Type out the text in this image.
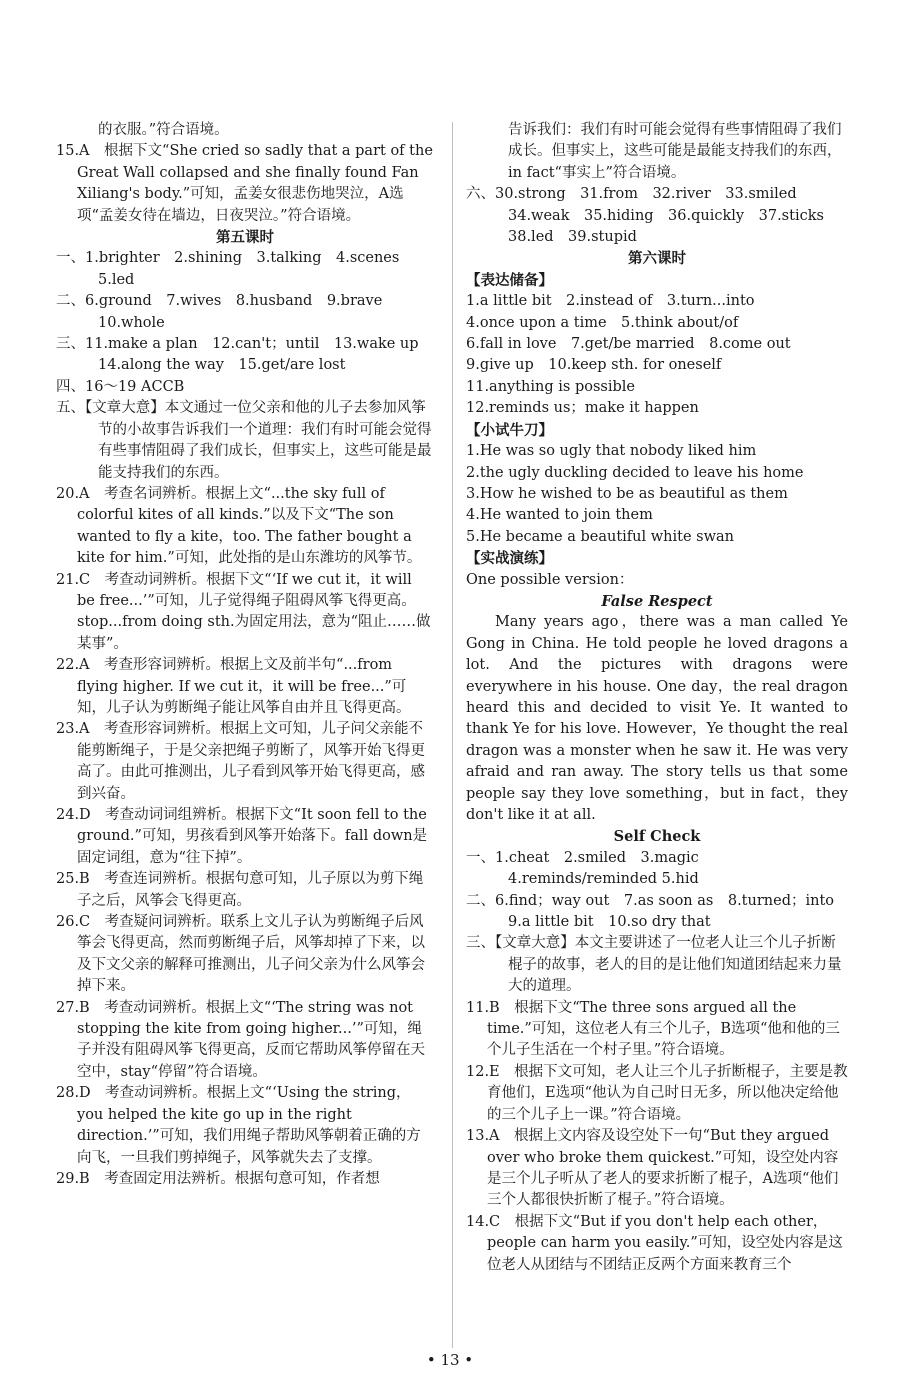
的衣服。”符合语境。
15.A　根据下文“She cried so sadly that a part of the Great Wall collapsed and she finally found Fan Xiliang's body.”可知，孟姜女很悲伤地哭泣，A选项“孟姜女待在墙边，日夜哭泣。”符合语境。
第五课时
一、1.brighter　2.shining　3.talking　4.scenes 5.led
二、6.ground　7.wives　8.husband　9.brave 10.whole
三、11.make a plan　12.can't；until　13.wake up 14.along the way　15.get/are lost
四、16～19 ACCB
五、【文章大意】本文通过一位父亲和他的儿子去参加风筝节的小故事告诉我们一个道理：我们有时可能会觉得有些事情阻碍了我们成长，但事实上，这些可能是最能支持我们的东西。
20.A　考查名词辨析。根据上文“...the sky full of colorful kites of all kinds.”以及下文“The son wanted to fly a kite，too. The father bought a kite for him.”可知，此处指的是山东潍坊的风筝节。
21.C　考查动词辨析。根据下文“‘If we cut it，it will be free...’”可知，儿子觉得绳子阻碍风筝飞得更高。stop...from doing sth.为固定用法，意为“阻止……做某事”。
22.A　考查形容词辨析。根据上文及前半句“...from flying higher. If we cut it，it will be free...”可知，儿子认为剪断绳子能让风筝自由并且飞得更高。
23.A　考查形容词辨析。根据上文可知，儿子问父亲能不能剪断绳子，于是父亲把绳子剪断了，风筝开始飞得更高了。由此可推测出，儿子看到风筝开始飞得更高，感到兴奋。
24.D　考查动词词组辨析。根据下文“It soon fell to the ground.”可知，男孩看到风筝开始落下。fall down是固定词组，意为“往下掉”。
25.B　考查连词辨析。根据句意可知，儿子原以为剪下绳子之后，风筝会飞得更高。
26.C　考查疑问词辨析。联系上文儿子认为剪断绳子后风筝会飞得更高，然而剪断绳子后，风筝却掉了下来，以及下文父亲的解释可推测出，儿子问父亲为什么风筝会掉下来。
27.B　考查动词辨析。根据上文“‘The string was not stopping the kite from going higher...’”可知，绳子并没有阻碍风筝飞得更高，反而它帮助风筝停留在天空中，stay“停留”符合语境。
28.D　考查动词辨析。根据上文“‘Using the string，you helped the kite go up in the right direction.’”可知，我们用绳子帮助风筝朝着正确的方向飞，一旦我们剪掉绳子，风筝就失去了支撑。
29.B　考查固定用法辨析。根据句意可知，作者想
告诉我们：我们有时可能会觉得有些事情阻碍了我们成长。但事实上，这些可能是最能支持我们的东西，in fact“事实上”符合语境。
六、30.strong　31.from　32.river　33.smiled 34.weak　35.hiding　36.quickly　37.sticks 38.led　39.stupid
第六课时
【表达储备】
1.a little bit　2.instead of　3.turn...into
4.once upon a time　5.think about/of
6.fall in love　7.get/be married　8.come out
9.give up　10.keep sth. for oneself
11.anything is possible
12.reminds us；make it happen
【小试牛刀】
1.He was so ugly that nobody liked him
2.the ugly duckling decided to leave his home
3.How he wished to be as beautiful as them
4.He wanted to join them
5.He became a beautiful white swan
【实战演练】
One possible version：
False Respect
Many years ago，there was a man called Ye Gong in China. He told people he loved dragons a lot. And the pictures with dragons were everywhere in his house. One day，the real dragon heard this and decided to visit Ye. It wanted to thank Ye for his love. However，Ye thought the real dragon was a monster when he saw it. He was very afraid and ran away. The story tells us that some people say they love something，but in fact，they don't like it at all.
Self Check
一、1.cheat　2.smiled　3.magic　4.reminds/reminded 5.hid
二、6.find；way out　7.as soon as　8.turned；into 9.a little bit　10.so dry that
三、【文章大意】本文主要讲述了一位老人让三个儿子折断棍子的故事，老人的目的是让他们知道团结起来力量大的道理。
11.B　根据下文“The three sons argued all the time.”可知，这位老人有三个儿子，B选项“他和他的三个儿子生活在一个村子里。”符合语境。
12.E　根据下文可知，老人让三个儿子折断棍子，主要是教育他们，E选项“他认为自己时日无多，所以他决定给他的三个儿子上一课。”符合语境。
13.A　根据上文内容及设空处下一句“But they argued over who broke them quickest.”可知，设空处内容是三个儿子听从了老人的要求折断了棍子，A选项“他们三个人都很快折断了棍子。”符合语境。
14.C　根据下文“But if you don't help each other，people can harm you easily.”可知，设空处内容是这位老人从团结与不团结正反两个方面来教育三个
• 13 •
